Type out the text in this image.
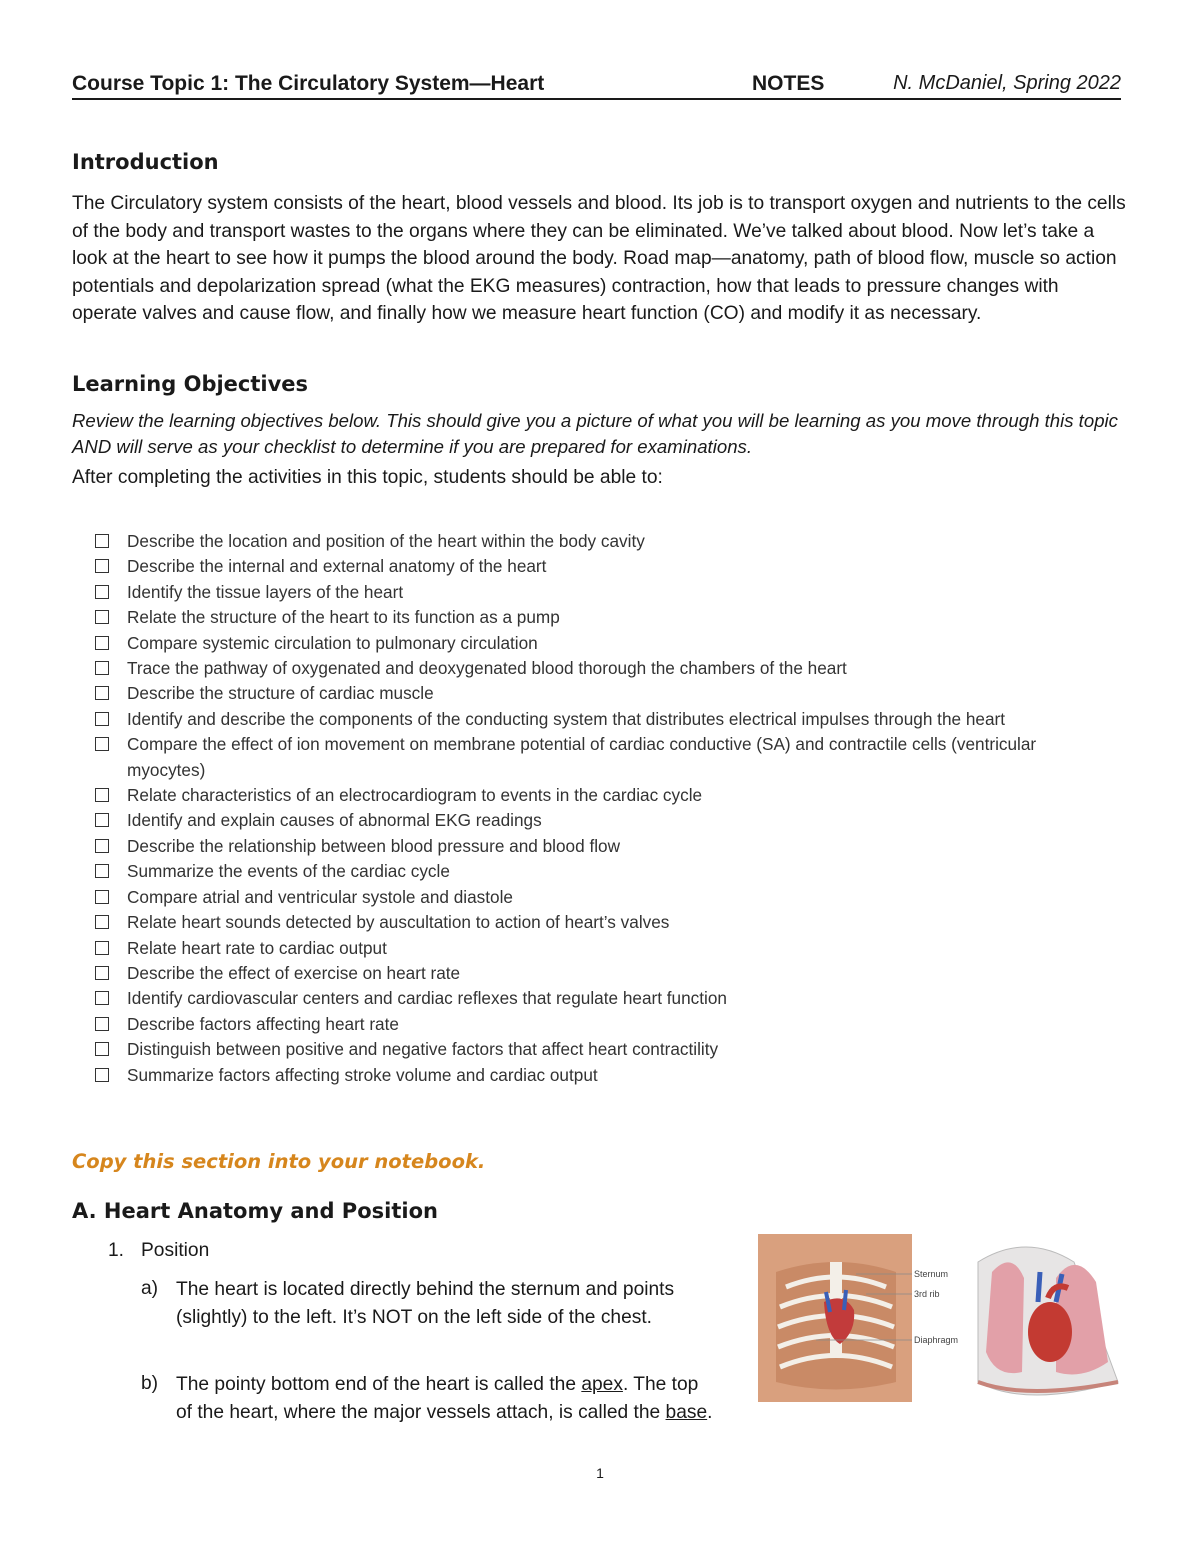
Course Topic 1: The Circulatory System—Heart	NOTES	N. McDaniel, Spring 2022
Introduction

The Circulatory system consists of the heart, blood vessels and blood. Its job is to transport oxygen and nutrients to the cells of the body and transport wastes to the organs where they can be eliminated. We’ve talked about blood. Now let’s take a look at the heart to see how it pumps the blood around the body. Road map—anatomy, path of blood flow, muscle so action potentials and depolarization spread (what the EKG measures) contraction, how that leads to pressure changes with operate valves and cause flow, and finally how we measure heart function (CO) and modify it as necessary.

Learning Objectives

Review the learning objectives below. This should give you a picture of what you will be learning as you move through this topic AND will serve as your checklist to determine if you are prepared for examinations.

After completing the activities in this topic, students should be able to:

Describe the location and position of the heart within the body cavity
Describe the internal and external anatomy of the heart
Identify the tissue layers of the heart
Relate the structure of the heart to its function as a pump
Compare systemic circulation to pulmonary circulation
Trace the pathway of oxygenated and deoxygenated blood thorough the chambers of the heart
Describe the structure of cardiac muscle
Identify and describe the components of the conducting system that distributes electrical impulses through the heart
Compare the effect of ion movement on membrane potential of cardiac conductive (SA) and contractile cells (ventricular myocytes)
Relate characteristics of an electrocardiogram to events in the cardiac cycle
Identify and explain causes of abnormal EKG readings
Describe the relationship between blood pressure and blood flow
Summarize the events of the cardiac cycle
Compare atrial and ventricular systole and diastole
Relate heart sounds detected by auscultation to action of heart’s valves
Relate heart rate to cardiac output
Describe the effect of exercise on heart rate
Identify cardiovascular centers and cardiac reflexes that regulate heart function
Describe factors affecting heart rate
Distinguish between positive and negative factors that affect heart contractility
Summarize factors affecting stroke volume and cardiac output
Copy this section into your notebook.
A. Heart Anatomy and Position
1. Position
a) The heart is located directly behind the sternum and points (slightly) to the left. It’s NOT on the left side of the chest.

b) The pointy bottom end of the heart is called the apex. The top of the heart, where the major vessels attach, is called the base.

Sternum
3rd rib
Diaphragm
1
